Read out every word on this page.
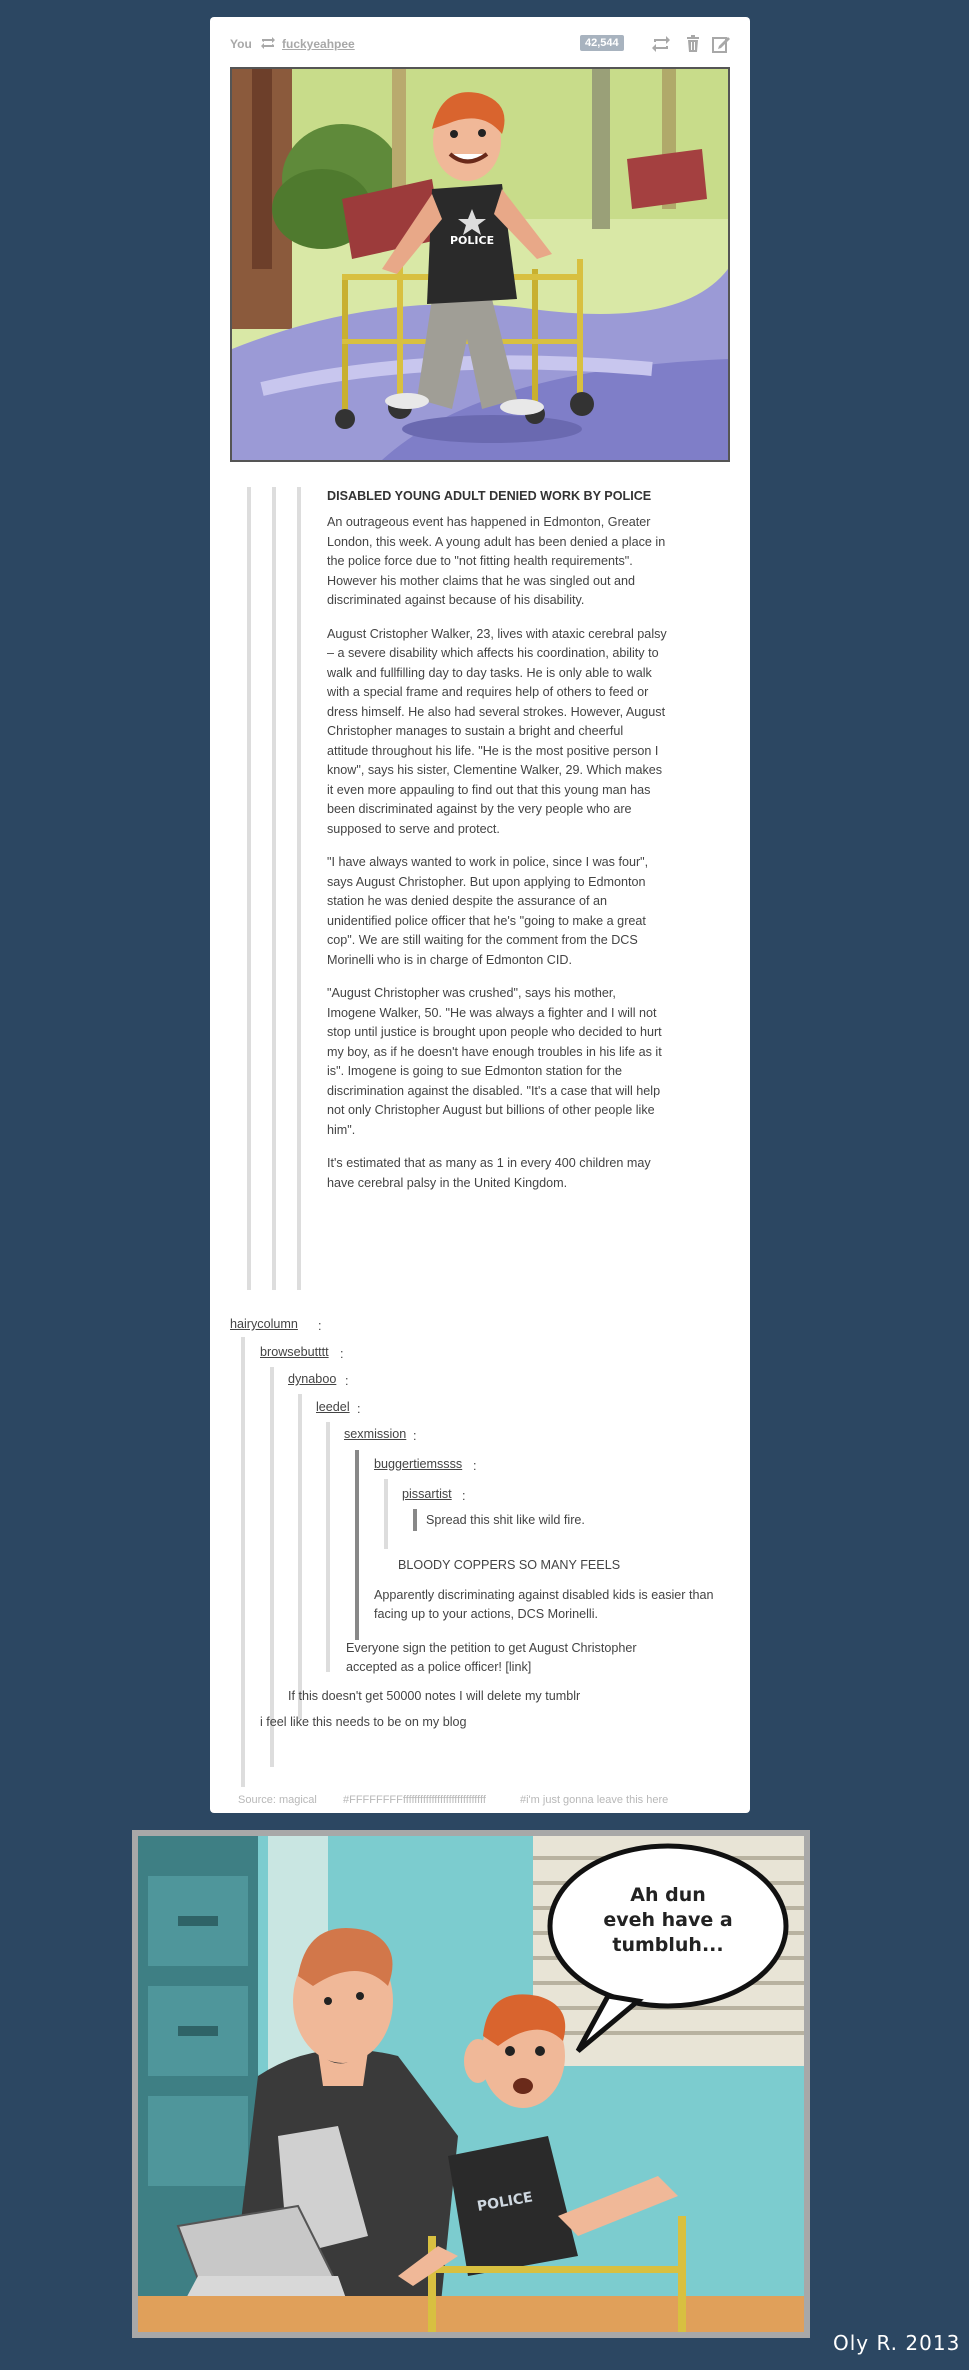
You	fuckyeahpee	42,544
POLICE
DISABLED YOUNG ADULT DENIED WORK BY POLICE

An outrageous event has happened in Edmonton, Greater London, this week. A young adult has been denied a place in the police force due to "not fitting health requirements". However his mother claims that he was singled out and discriminated against because of his disability.

August Cristopher Walker, 23, lives with ataxic cerebral palsy – a severe disability which affects his coordination, ability to walk and fullfilling day to day tasks. He is only able to walk with a special frame and requires help of others to feed or dress himself. He also had several strokes. However, August Christopher manages to sustain a bright and cheerful attitude throughout his life. "He is the most positive person I know", says his sister, Clementine Walker, 29. Which makes it even more appauling to find out that this young man has been discriminated against by the very people who are supposed to serve and protect.

"I have always wanted to work in police, since I was four", says August Christopher. But upon applying to Edmonton station he was denied despite the assurance of an unidentified police officer that he's "going to make a great cop". We are still waiting for the comment from the DCS Morinelli who is in charge of Edmonton CID.

"August Christopher was crushed", says his mother, Imogene Walker, 50. "He was always a fighter and I will not stop until justice is brought upon people who decided to hurt my boy, as if he doesn't have enough troubles in his life as it is". Imogene is going to sue Edmonton station for the discrimination against the disabled. "It's a case that will help not only Christopher August but billions of other people like him".

It's estimated that as many as 1 in every 400 children may have cerebral palsy in the United Kingdom.

hairycolumn :
browsebutttt :
dynaboo :
leedel :
sexmission :
buggertiemssss :
pissartist :
Spread this shit like wild fire.
BLOODY COPPERS SO MANY FEELS
Apparently discriminating against disabled kids is easier than facing up to your actions, DCS Morinelli.
Everyone sign the petition to get August Christopher accepted as a police officer! [link]
If this doesn't get 50000 notes I will delete my tumblr
i feel like this needs to be on my blog
Source: magical #FFFFFFFFfffffffffffffffffffffffffffff	#i'm just gonna leave this here
POLICE
Ah dun
eveh have a
tumbluh...
Oly R. 2013
